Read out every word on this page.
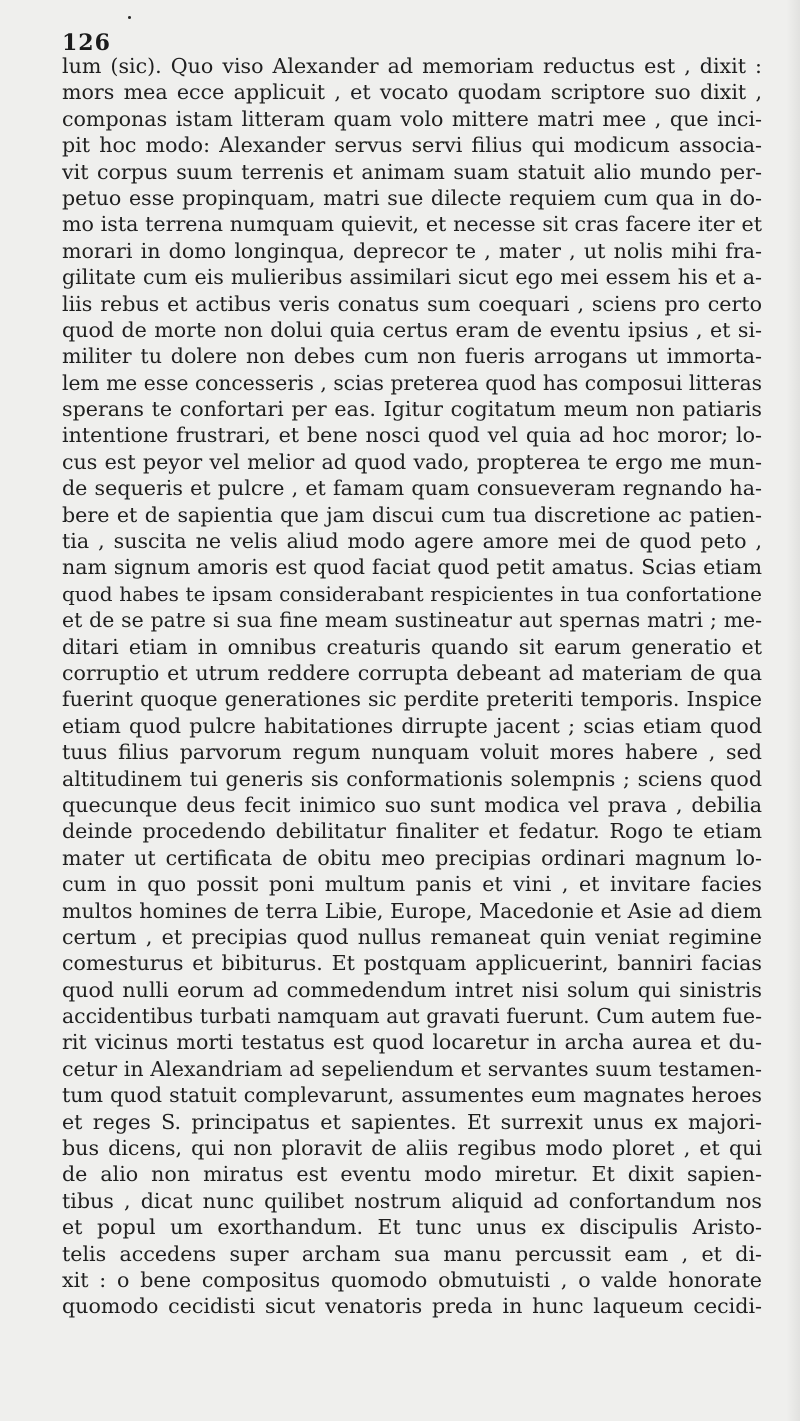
126
lum (sic). Quo viso Alexander ad memoriam reductus est , dixit :
mors mea ecce applicuit , et vocato quodam scriptore suo dixit ,
componas istam litteram quam volo mittere matri mee , que inci-
pit hoc modo: Alexander servus servi filius qui modicum associa-
vit corpus suum terrenis et animam suam statuit alio mundo per-
petuo esse propinquam, matri sue dilecte requiem cum qua in do-
mo ista terrena numquam quievit, et necesse sit cras facere iter et
morari in domo longinqua, deprecor te , mater , ut nolis mihi fra-
gilitate cum eis mulieribus assimilari sicut ego mei essem his et a-
liis rebus et actibus veris conatus sum coequari , sciens pro certo
quod de morte non dolui quia certus eram de eventu ipsius , et si-
militer tu dolere non debes cum non fueris arrogans ut immorta-
lem me esse concesseris , scias preterea quod has composui litteras
sperans te confortari per eas. Igitur cogitatum meum non patiaris
intentione frustrari, et bene nosci quod vel quia ad hoc moror; lo-
cus est peyor vel melior ad quod vado, propterea te ergo me mun-
de sequeris et pulcre , et famam quam consueveram regnando ha-
bere et de sapientia que jam discui cum tua discretione ac patien-
tia , suscita ne velis aliud modo agere amore mei de quod peto ,
nam signum amoris est quod faciat quod petit amatus. Scias etiam
quod habes te ipsam considerabant respicientes in tua confortatione
et de se patre si sua fine meam sustineatur aut spernas matri ; me-
ditari etiam in omnibus creaturis quando sit earum generatio et
corruptio et utrum reddere corrupta debeant ad materiam de qua
fuerint quoque generationes sic perdite preteriti temporis. Inspice
etiam quod pulcre habitationes dirrupte jacent ; scias etiam quod
tuus filius parvorum regum nunquam voluit mores habere , sed
altitudinem tui generis sis conformationis solempnis ; sciens quod
quecunque deus fecit inimico suo sunt modica vel prava , debilia
deinde procedendo debilitatur finaliter et fedatur. Rogo te etiam
mater ut certificata de obitu meo precipias ordinari magnum lo-
cum in quo possit poni multum panis et vini , et invitare facies
multos homines de terra Libie, Europe, Macedonie et Asie ad diem
certum , et precipias quod nullus remaneat quin veniat regimine
comesturus et bibiturus. Et postquam applicuerint, banniri facias
quod nulli eorum ad commedendum intret nisi solum qui sinistris
accidentibus turbati namquam aut gravati fuerunt. Cum autem fue-
rit vicinus morti testatus est quod locaretur in archa aurea et du-
cetur in Alexandriam ad sepeliendum et servantes suum testamen-
tum quod statuit complevarunt, assumentes eum magnates heroes
et reges S. principatus et sapientes. Et surrexit unus ex majori-
bus dicens, qui non ploravit de aliis regibus modo ploret , et qui
de alio non miratus est eventu modo miretur. Et dixit sapien-
tibus , dicat nunc quilibet nostrum aliquid ad confortandum nos
et popul um exorthandum. Et tunc unus ex discipulis Aristo-
telis accedens super archam sua manu percussit eam , et di-
xit : o bene compositus quomodo obmutuisti , o valde honorate
quomodo cecidisti sicut venatoris preda in hunc laqueum cecidi-
